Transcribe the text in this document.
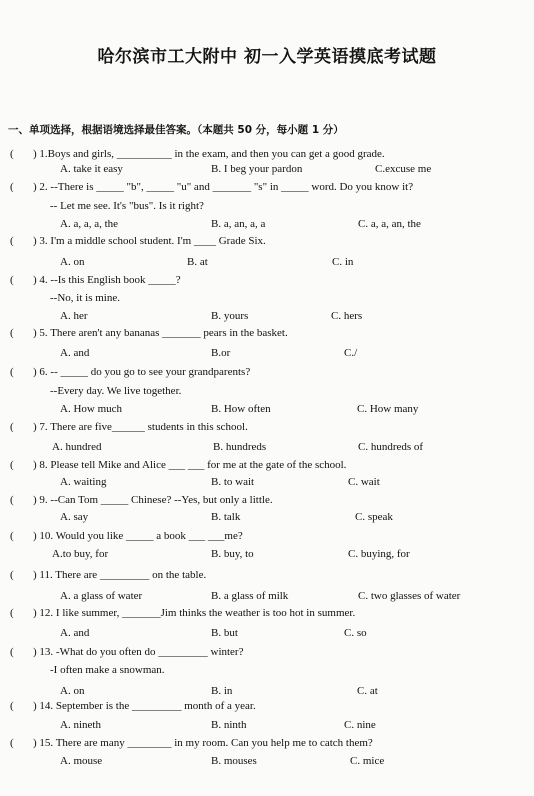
哈尔滨市工大附中 初一入学英语摸底考试题
一、单项选择，根据语境选择最佳答案。（本题共 50 分，每小题 1 分）
(	) 1.Boys and girls, __________ in the exam, and then you can get a good grade.
A. take it easy	B. I beg your pardon	C.excuse me
(	) 2. --There is _____ "b", _____ "u" and _______ "s" in _____ word. Do you know it?
-- Let me see. It's "bus". Is it right?
A. a, a, a, the	B. a, an, a, a	C. a, a, an, the
(	) 3. I'm a middle school student. I'm ____ Grade Six.
A. on	B. at	C. in
(	) 4. --Is this English book _____?
--No, it is mine.
A. her	B. yours	C. hers
(	) 5. There aren't any bananas _______ pears in the basket.
A. and	B.or	C./
(	) 6. -- _____ do you go to see your grandparents?
--Every day. We live together.
A. How much	B. How often	C. How many
(	) 7. There are five______ students in this school.
A. hundred	B. hundreds	C. hundreds of
(	) 8. Please tell Mike and Alice ___ ___ for me at the gate of the school.
A. waiting	B. to wait	C. wait
(	) 9. --Can Tom _____ Chinese? --Yes, but only a little.
A. say	B. talk	C. speak
(	) 10. Would you like _____ a book ___ ___me?
A.to buy, for	B. buy, to	C. buying, for
(	) 11. There are _________ on the table.
A. a glass of water	B. a glass of milk	C. two glasses of water
(	) 12. I like summer, _______Jim thinks the weather is too hot in summer.
A. and	B. but	C. so
(	) 13. -What do you often do _________ winter?
-I often make a snowman.
A. on	B. in	C. at
(	) 14. September is the _________ month of a year.
A. nineth	B. ninth	C. nine
(	) 15. There are many ________ in my room. Can you help me to catch them?
A. mouse	B. mouses	C. mice
